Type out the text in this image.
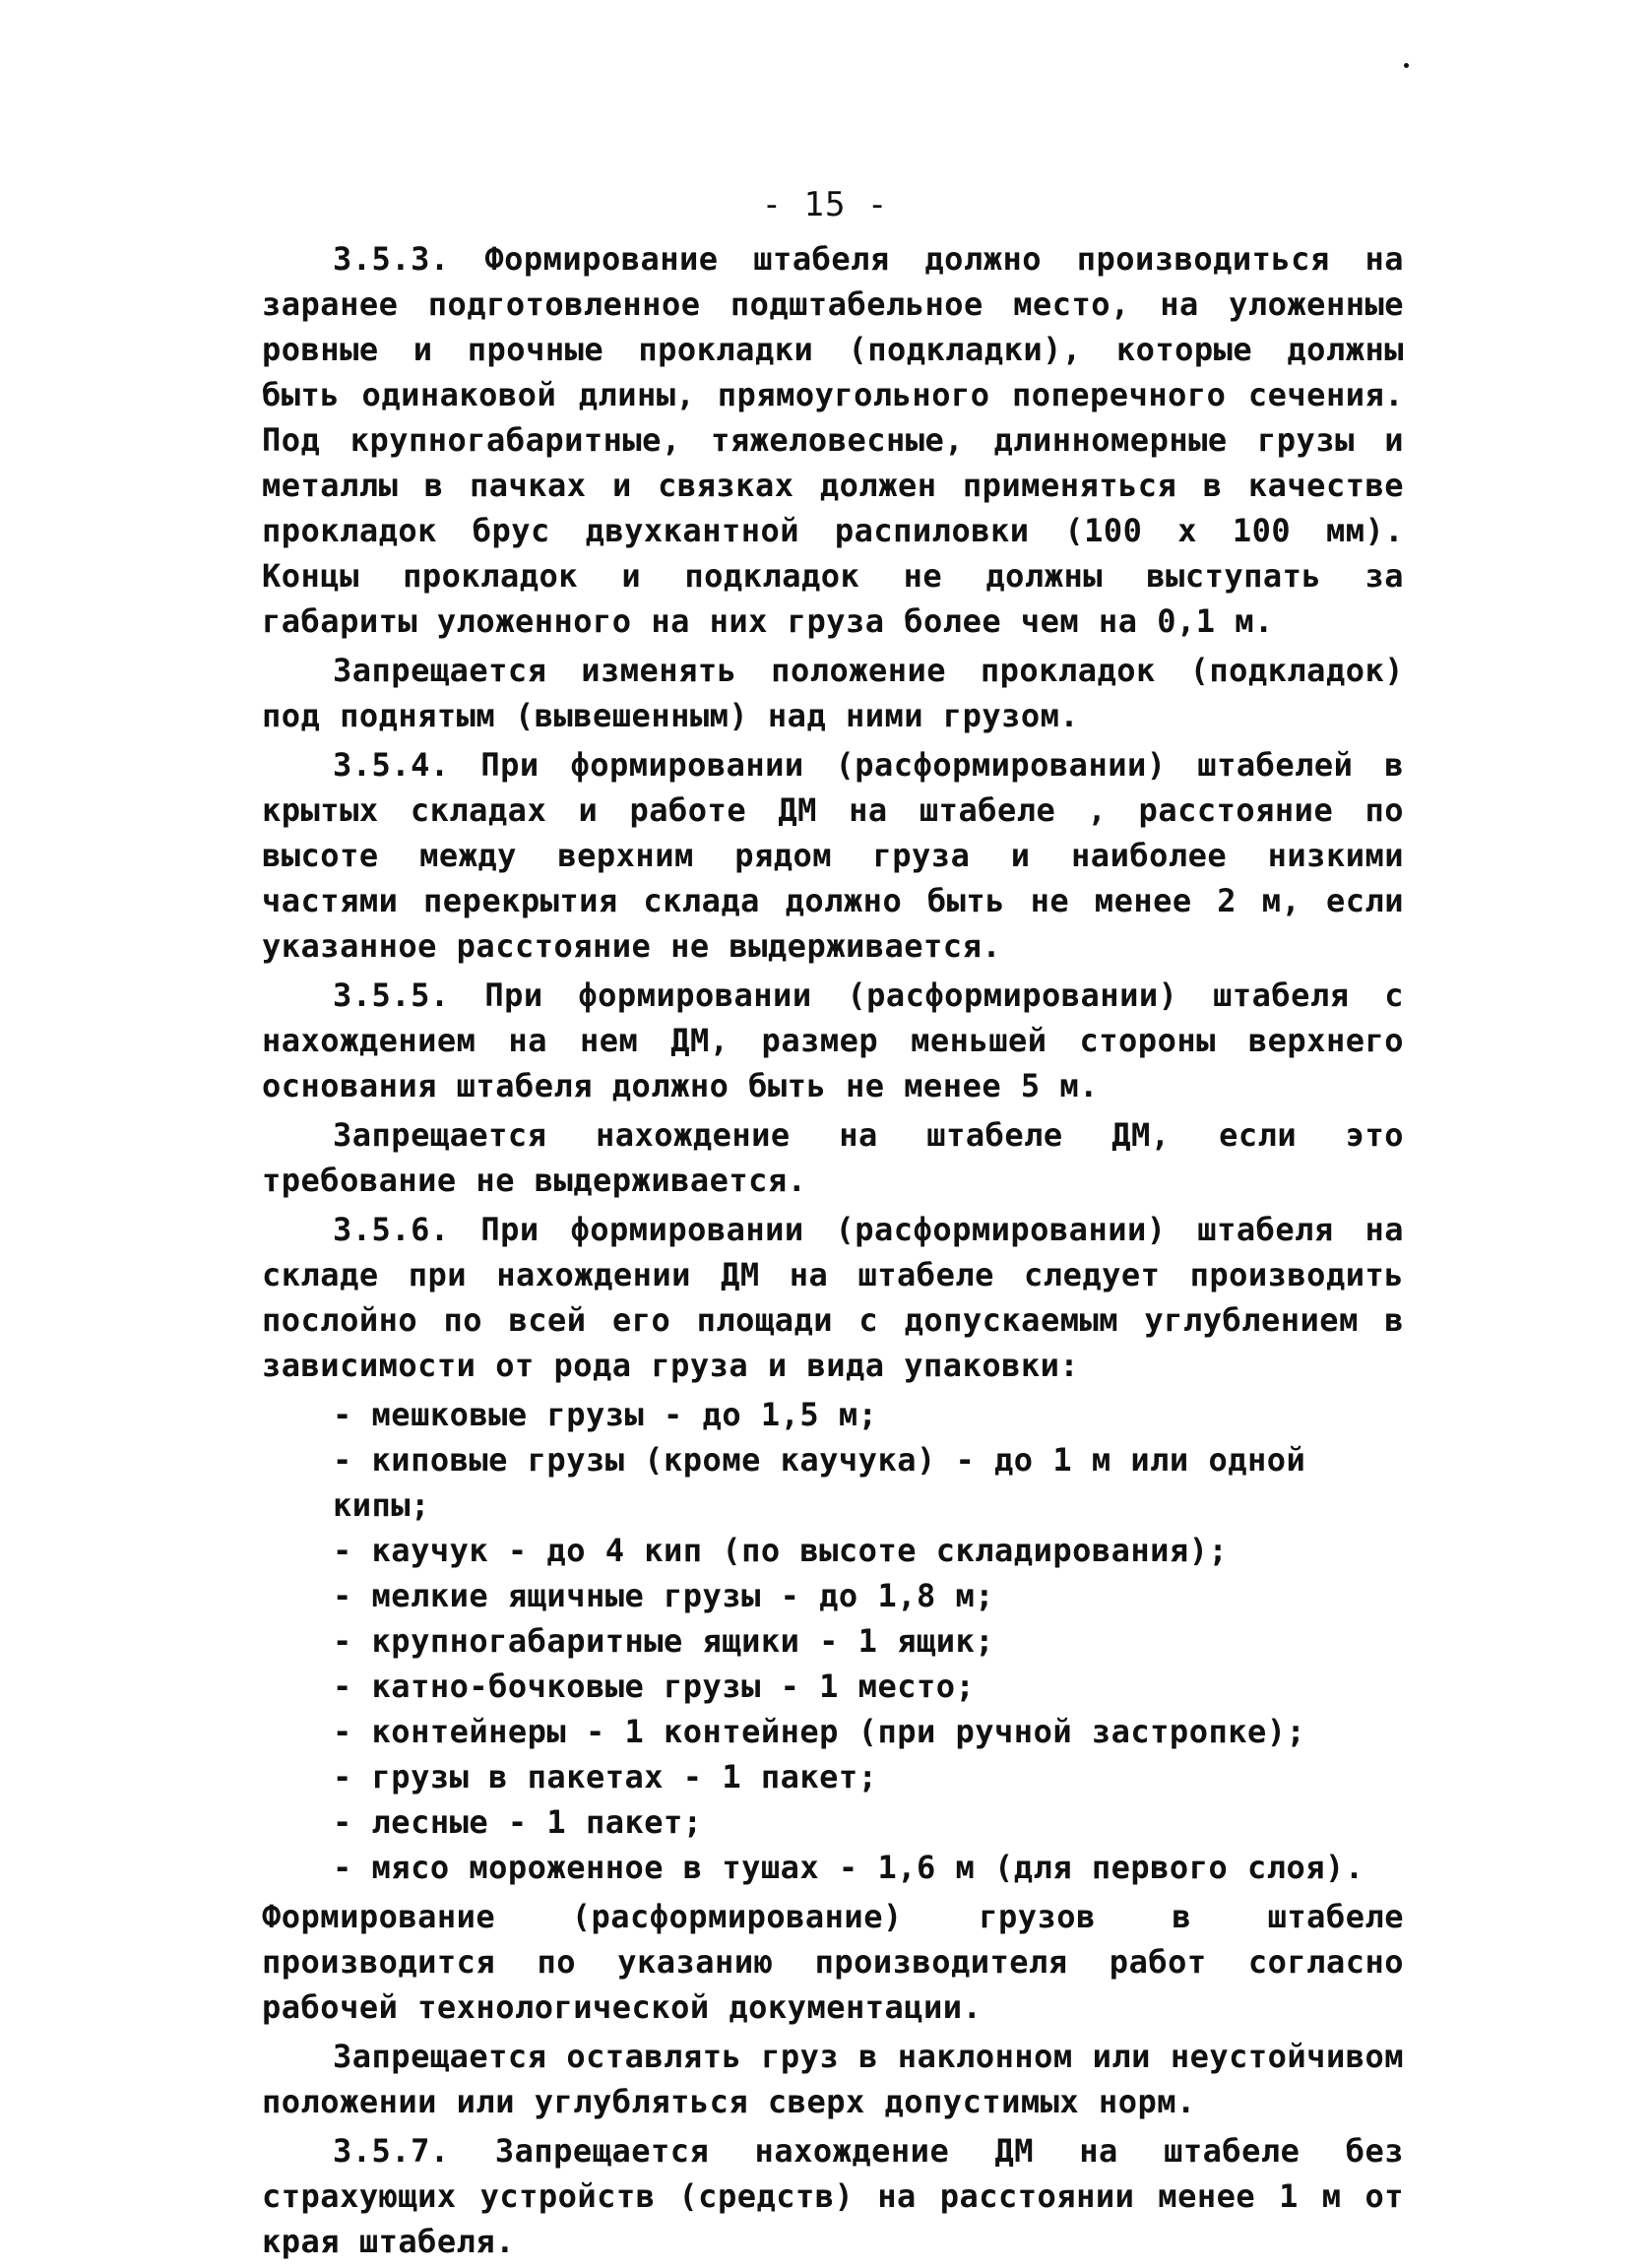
- 15 -

3.5.3. Формирование штабеля должно производиться на заранее подготовленное подштабельное место, на уложенные ровные и прочные прокладки (подкладки), которые должны быть одинаковой длины, прямоугольного поперечного сечения. Под крупногабаритные, тяжеловесные, длинномерные грузы и металлы в пачках и связках должен применяться в качестве прокладок брус двухкантной распиловки (100 х 100 мм). Концы прокладок и подкладок не должны выступать за габариты уложенного на них груза более чем на 0,1 м.

Запрещается изменять положение прокладок (подкладок) под поднятым (вывешенным) над ними грузом.

3.5.4. При формировании (расформировании) штабелей в крытых складах и работе ДМ на штабеле , расстояние по высоте между верхним рядом груза и наиболее низкими частями перекрытия склада должно быть не менее 2 м, если указанное расстояние не выдерживается.

3.5.5. При формировании (расформировании) штабеля с нахождением на нем ДМ, размер меньшей стороны верхнего основания штабеля должно быть не менее 5 м.

Запрещается нахождение на штабеле ДМ, если это требование не выдерживается.

3.5.6. При формировании (расформировании) штабеля на складе при нахождении ДМ на штабеле следует производить послойно по всей его площади с допускаемым углублением в зависимости от рода груза и вида упаковки:

- мешковые грузы - до 1,5 м;
- киповые грузы (кроме каучука) - до 1 м или одной кипы;
- каучук - до 4 кип (по высоте складирования);
- мелкие ящичные грузы - до 1,8 м;
- крупногабаритные ящики - 1 ящик;
- катно-бочковые грузы - 1 место;
- контейнеры - 1 контейнер (при ручной застропке);
- грузы в пакетах - 1 пакет;
- лесные - 1 пакет;
- мясо мороженное в тушах - 1,6 м (для первого слоя).

Формирование (расформирование) грузов в штабеле производится по указанию производителя работ согласно рабочей технологической документации.

Запрещается оставлять груз в наклонном или неустойчивом положении или углубляться сверх допустимых норм.

3.5.7. Запрещается нахождение ДМ на штабеле без страхующих устройств (средств) на расстоянии менее 1 м от края штабеля.
